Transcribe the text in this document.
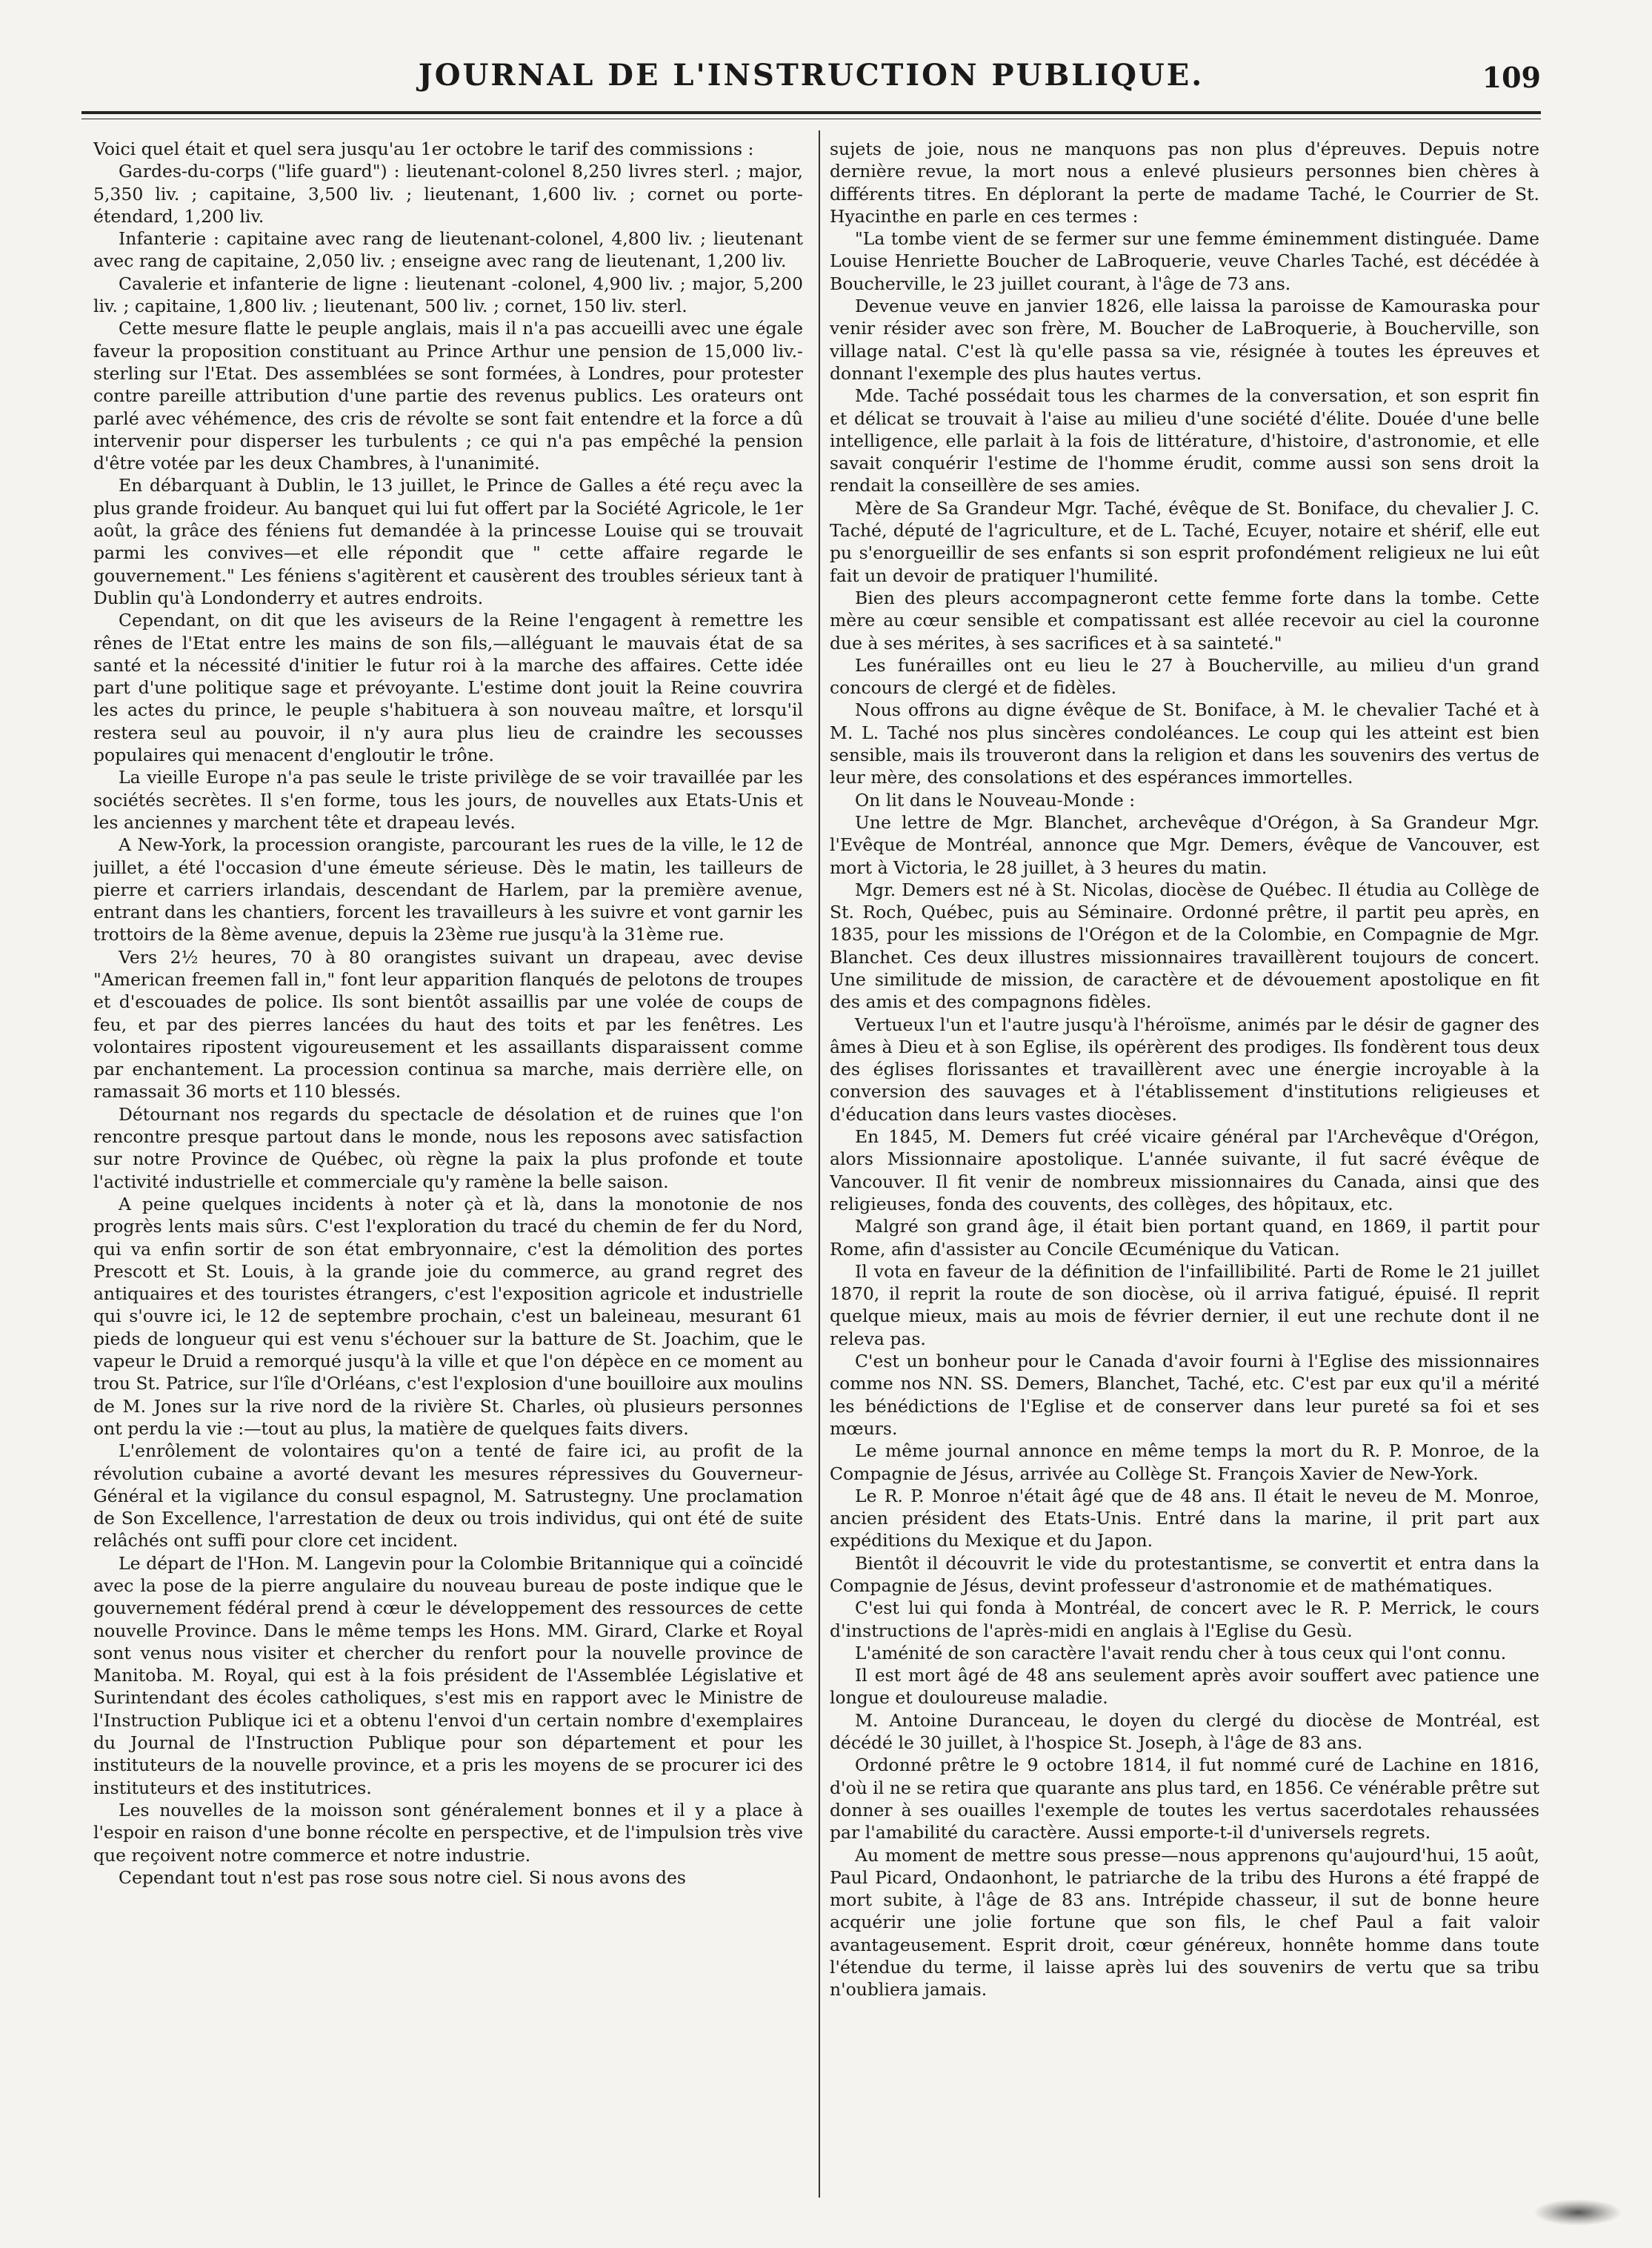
JOURNAL DE L'INSTRUCTION PUBLIQUE.	109

Voici quel était et quel sera jusqu'au 1er octobre le tarif des commissions :

Gardes-du-corps ("life guard") : lieutenant-colonel 8,250 livres sterl. ; major, 5,350 liv. ; capitaine, 3,500 liv. ; lieutenant, 1,600 liv. ; cornet ou porte-étendard, 1,200 liv.

Infanterie : capitaine avec rang de lieutenant-colonel, 4,800 liv. ; lieutenant avec rang de capitaine, 2,050 liv. ; enseigne avec rang de lieutenant, 1,200 liv.

Cavalerie et infanterie de ligne : lieutenant -colonel, 4,900 liv. ; major, 5,200 liv. ; capitaine, 1,800 liv. ; lieutenant, 500 liv. ; cornet, 150 liv. sterl.

Cette mesure flatte le peuple anglais, mais il n'a pas accueilli avec une égale faveur la proposition constituant au Prince Arthur une pension de 15,000 liv.-sterling sur l'Etat. Des assemblées se sont formées, à Londres, pour protester contre pareille attribution d'une partie des revenus publics. Les orateurs ont parlé avec véhémence, des cris de révolte se sont fait entendre et la force a dû intervenir pour disperser les turbulents ; ce qui n'a pas empêché la pension d'être votée par les deux Chambres, à l'unanimité.

En débarquant à Dublin, le 13 juillet, le Prince de Galles a été reçu avec la plus grande froideur. Au banquet qui lui fut offert par la Société Agricole, le 1er août, la grâce des féniens fut demandée à la princesse Louise qui se trouvait parmi les convives—et elle répondit que " cette affaire regarde le gouvernement." Les féniens s'agitèrent et causèrent des troubles sérieux tant à Dublin qu'à Londonderry et autres endroits.

Cependant, on dit que les aviseurs de la Reine l'engagent à remettre les rênes de l'Etat entre les mains de son fils,—alléguant le mauvais état de sa santé et la nécessité d'initier le futur roi à la marche des affaires. Cette idée part d'une politique sage et prévoyante. L'estime dont jouit la Reine couvrira les actes du prince, le peuple s'habituera à son nouveau maître, et lorsqu'il restera seul au pouvoir, il n'y aura plus lieu de craindre les secousses populaires qui menacent d'engloutir le trône.

La vieille Europe n'a pas seule le triste privilège de se voir travaillée par les sociétés secrètes. Il s'en forme, tous les jours, de nouvelles aux Etats-Unis et les anciennes y marchent tête et drapeau levés.

A New-York, la procession orangiste, parcourant les rues de la ville, le 12 de juillet, a été l'occasion d'une émeute sérieuse. Dès le matin, les tailleurs de pierre et carriers irlandais, descendant de Harlem, par la première avenue, entrant dans les chantiers, forcent les travailleurs à les suivre et vont garnir les trottoirs de la 8ème avenue, depuis la 23ème rue jusqu'à la 31ème rue.

Vers 2½ heures, 70 à 80 orangistes suivant un drapeau, avec devise "American freemen fall in," font leur apparition flanqués de pelotons de troupes et d'escouades de police. Ils sont bientôt assaillis par une volée de coups de feu, et par des pierres lancées du haut des toits et par les fenêtres. Les volontaires ripostent vigoureusement et les assaillants disparaissent comme par enchantement. La procession continua sa marche, mais derrière elle, on ramassait 36 morts et 110 blessés.

Détournant nos regards du spectacle de désolation et de ruines que l'on rencontre presque partout dans le monde, nous les reposons avec satisfaction sur notre Province de Québec, où règne la paix la plus profonde et toute l'activité industrielle et commerciale qu'y ramène la belle saison.

A peine quelques incidents à noter çà et là, dans la monotonie de nos progrès lents mais sûrs. C'est l'exploration du tracé du chemin de fer du Nord, qui va enfin sortir de son état embryonnaire, c'est la démolition des portes Prescott et St. Louis, à la grande joie du commerce, au grand regret des antiquaires et des touristes étrangers, c'est l'exposition agricole et industrielle qui s'ouvre ici, le 12 de septembre prochain, c'est un baleineau, mesurant 61 pieds de longueur qui est venu s'échouer sur la batture de St. Joachim, que le vapeur le Druid a remorqué jusqu'à la ville et que l'on dépèce en ce moment au trou St. Patrice, sur l'île d'Orléans, c'est l'explosion d'une bouilloire aux moulins de M. Jones sur la rive nord de la rivière St. Charles, où plusieurs personnes ont perdu la vie :—tout au plus, la matière de quelques faits divers.

L'enrôlement de volontaires qu'on a tenté de faire ici, au profit de la révolution cubaine a avorté devant les mesures répressives du Gouverneur-Général et la vigilance du consul espagnol, M. Satrustegny. Une proclamation de Son Excellence, l'arrestation de deux ou trois individus, qui ont été de suite relâchés ont suffi pour clore cet incident.

Le départ de l'Hon. M. Langevin pour la Colombie Britannique qui a coïncidé avec la pose de la pierre angulaire du nouveau bureau de poste indique que le gouvernement fédéral prend à cœur le développement des ressources de cette nouvelle Province. Dans le même temps les Hons. MM. Girard, Clarke et Royal sont venus nous visiter et chercher du renfort pour la nouvelle province de Manitoba. M. Royal, qui est à la fois président de l'Assemblée Législative et Surintendant des écoles catholiques, s'est mis en rapport avec le Ministre de l'Instruction Publique ici et a obtenu l'envoi d'un certain nombre d'exemplaires du Journal de l'Instruction Publique pour son département et pour les instituteurs de la nouvelle province, et a pris les moyens de se procurer ici des instituteurs et des institutrices.

Les nouvelles de la moisson sont généralement bonnes et il y a place à l'espoir en raison d'une bonne récolte en perspective, et de l'impulsion très vive que reçoivent notre commerce et notre industrie.

Cependant tout n'est pas rose sous notre ciel. Si nous avons des

sujets de joie, nous ne manquons pas non plus d'épreuves. Depuis notre dernière revue, la mort nous a enlevé plusieurs personnes bien chères à différents titres. En déplorant la perte de madame Taché, le Courrier de St. Hyacinthe en parle en ces termes :

"La tombe vient de se fermer sur une femme éminemment distinguée. Dame Louise Henriette Boucher de LaBroquerie, veuve Charles Taché, est décédée à Boucherville, le 23 juillet courant, à l'âge de 73 ans.

Devenue veuve en janvier 1826, elle laissa la paroisse de Kamouraska pour venir résider avec son frère, M. Boucher de LaBroquerie, à Boucherville, son village natal. C'est là qu'elle passa sa vie, résignée à toutes les épreuves et donnant l'exemple des plus hautes vertus.

Mde. Taché possédait tous les charmes de la conversation, et son esprit fin et délicat se trouvait à l'aise au milieu d'une société d'élite. Douée d'une belle intelligence, elle parlait à la fois de littérature, d'histoire, d'astronomie, et elle savait conquérir l'estime de l'homme érudit, comme aussi son sens droit la rendait la conseillère de ses amies.

Mère de Sa Grandeur Mgr. Taché, évêque de St. Boniface, du chevalier J. C. Taché, député de l'agriculture, et de L. Taché, Ecuyer, notaire et shérif, elle eut pu s'enorgueillir de ses enfants si son esprit profondément religieux ne lui eût fait un devoir de pratiquer l'humilité.

Bien des pleurs accompagneront cette femme forte dans la tombe. Cette mère au cœur sensible et compatissant est allée recevoir au ciel la couronne due à ses mérites, à ses sacrifices et à sa sainteté."

Les funérailles ont eu lieu le 27 à Boucherville, au milieu d'un grand concours de clergé et de fidèles.

Nous offrons au digne évêque de St. Boniface, à M. le chevalier Taché et à M. L. Taché nos plus sincères condoléances. Le coup qui les atteint est bien sensible, mais ils trouveront dans la religion et dans les souvenirs des vertus de leur mère, des consolations et des espérances immortelles.

On lit dans le Nouveau-Monde :

Une lettre de Mgr. Blanchet, archevêque d'Orégon, à Sa Grandeur Mgr. l'Evêque de Montréal, annonce que Mgr. Demers, évêque de Vancouver, est mort à Victoria, le 28 juillet, à 3 heures du matin.

Mgr. Demers est né à St. Nicolas, diocèse de Québec. Il étudia au Collège de St. Roch, Québec, puis au Séminaire. Ordonné prêtre, il partit peu après, en 1835, pour les missions de l'Orégon et de la Colombie, en Compagnie de Mgr. Blanchet. Ces deux illustres missionnaires travaillèrent toujours de concert. Une similitude de mission, de caractère et de dévouement apostolique en fit des amis et des compagnons fidèles.

Vertueux l'un et l'autre jusqu'à l'héroïsme, animés par le désir de gagner des âmes à Dieu et à son Eglise, ils opérèrent des prodiges. Ils fondèrent tous deux des églises florissantes et travaillèrent avec une énergie incroyable à la conversion des sauvages et à l'établissement d'institutions religieuses et d'éducation dans leurs vastes diocèses.

En 1845, M. Demers fut créé vicaire général par l'Archevêque d'Orégon, alors Missionnaire apostolique. L'année suivante, il fut sacré évêque de Vancouver. Il fit venir de nombreux missionnaires du Canada, ainsi que des religieuses, fonda des couvents, des collèges, des hôpitaux, etc.

Malgré son grand âge, il était bien portant quand, en 1869, il partit pour Rome, afin d'assister au Concile Œcuménique du Vatican.

Il vota en faveur de la définition de l'infaillibilité. Parti de Rome le 21 juillet 1870, il reprit la route de son diocèse, où il arriva fatigué, épuisé. Il reprit quelque mieux, mais au mois de février dernier, il eut une rechute dont il ne releva pas.

C'est un bonheur pour le Canada d'avoir fourni à l'Eglise des missionnaires comme nos NN. SS. Demers, Blanchet, Taché, etc. C'est par eux qu'il a mérité les bénédictions de l'Eglise et de conserver dans leur pureté sa foi et ses mœurs.

Le même journal annonce en même temps la mort du R. P. Monroe, de la Compagnie de Jésus, arrivée au Collège St. François Xavier de New-York.

Le R. P. Monroe n'était âgé que de 48 ans. Il était le neveu de M. Monroe, ancien président des Etats-Unis. Entré dans la marine, il prit part aux expéditions du Mexique et du Japon.

Bientôt il découvrit le vide du protestantisme, se convertit et entra dans la Compagnie de Jésus, devint professeur d'astronomie et de mathématiques.

C'est lui qui fonda à Montréal, de concert avec le R. P. Merrick, le cours d'instructions de l'après-midi en anglais à l'Eglise du Gesù.

L'aménité de son caractère l'avait rendu cher à tous ceux qui l'ont connu.

Il est mort âgé de 48 ans seulement après avoir souffert avec patience une longue et douloureuse maladie.

M. Antoine Duranceau, le doyen du clergé du diocèse de Montréal, est décédé le 30 juillet, à l'hospice St. Joseph, à l'âge de 83 ans.

Ordonné prêtre le 9 octobre 1814, il fut nommé curé de Lachine en 1816, d'où il ne se retira que quarante ans plus tard, en 1856. Ce vénérable prêtre sut donner à ses ouailles l'exemple de toutes les vertus sacerdotales rehaussées par l'amabilité du caractère. Aussi emporte-t-il d'universels regrets.

Au moment de mettre sous presse—nous apprenons qu'aujourd'hui, 15 août, Paul Picard, Ondaonhont, le patriarche de la tribu des Hurons a été frappé de mort subite, à l'âge de 83 ans. Intrépide chasseur, il sut de bonne heure acquérir une jolie fortune que son fils, le chef Paul a fait valoir avantageusement. Esprit droit, cœur généreux, honnête homme dans toute l'étendue du terme, il laisse après lui des souvenirs de vertu que sa tribu n'oubliera jamais.
